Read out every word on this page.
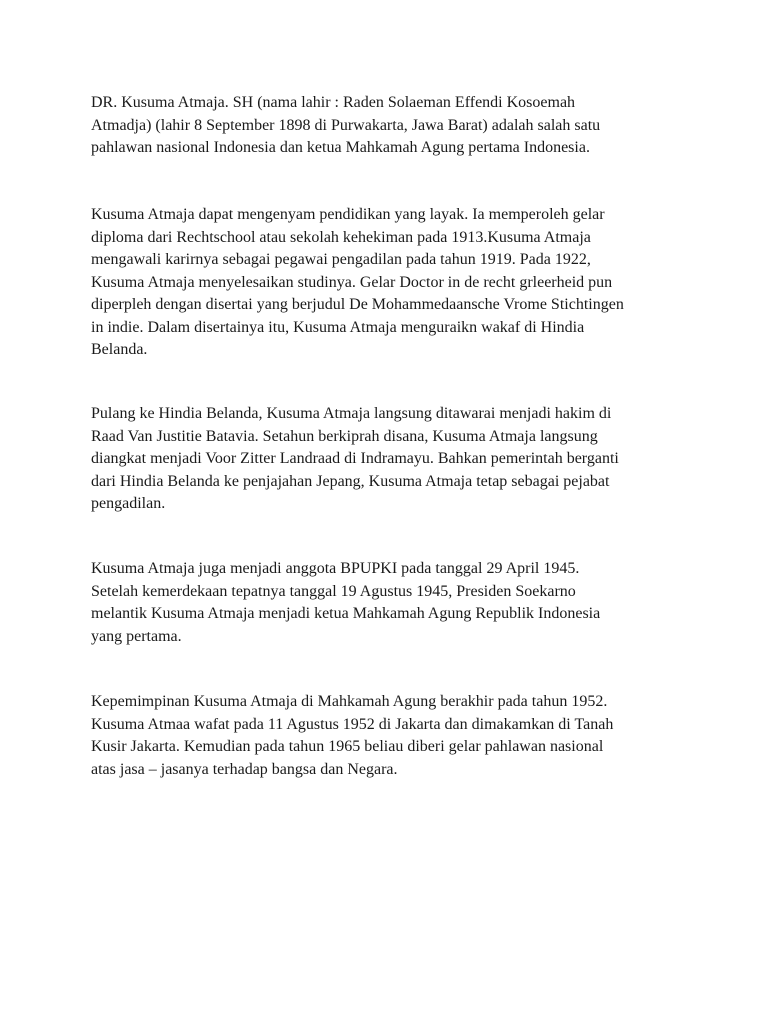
DR. Kusuma Atmaja. SH (nama lahir : Raden Solaeman Effendi Kosoemah
Atmadja) (lahir 8 September 1898 di Purwakarta, Jawa Barat) adalah salah satu
pahlawan nasional Indonesia dan ketua Mahkamah Agung pertama Indonesia.

Kusuma Atmaja dapat mengenyam pendidikan yang layak. Ia memperoleh gelar
diploma dari Rechtschool atau sekolah kehekiman pada 1913.Kusuma Atmaja
mengawali karirnya sebagai pegawai pengadilan pada tahun 1919. Pada 1922,
Kusuma Atmaja menyelesaikan studinya. Gelar Doctor in de recht grleerheid pun
diperpleh dengan disertai yang berjudul De Mohammedaansche Vrome Stichtingen
in indie. Dalam disertainya itu, Kusuma Atmaja menguraikn wakaf di Hindia
Belanda.

Pulang ke Hindia Belanda, Kusuma Atmaja langsung ditawarai menjadi hakim di
Raad Van Justitie Batavia. Setahun berkiprah disana, Kusuma Atmaja langsung
diangkat menjadi Voor Zitter Landraad di Indramayu. Bahkan pemerintah berganti
dari Hindia Belanda ke penjajahan Jepang, Kusuma Atmaja tetap sebagai pejabat
pengadilan.

Kusuma Atmaja juga menjadi anggota BPUPKI pada tanggal 29 April 1945.
Setelah kemerdekaan tepatnya tanggal 19 Agustus 1945, Presiden Soekarno
melantik Kusuma Atmaja menjadi ketua Mahkamah Agung Republik Indonesia
yang pertama.

Kepemimpinan Kusuma Atmaja di Mahkamah Agung berakhir pada tahun 1952.
Kusuma Atmaa wafat pada 11 Agustus 1952 di Jakarta dan dimakamkan di Tanah
Kusir Jakarta. Kemudian pada tahun 1965 beliau diberi gelar pahlawan nasional
atas jasa – jasanya terhadap bangsa dan Negara.
